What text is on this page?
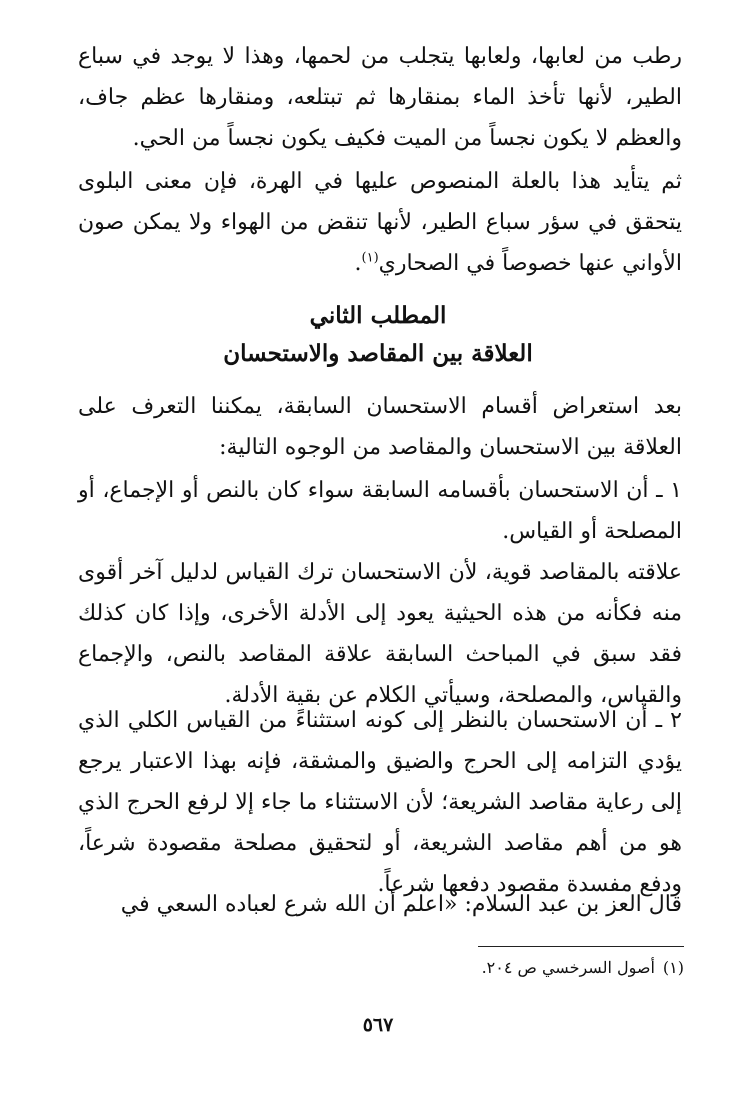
رطب من لعابها، ولعابها يتجلب من لحمها، وهذا لا يوجد في سباع الطير، لأنها تأخذ الماء بمنقارها ثم تبتلعه، ومنقارها عظم جاف، والعظم لا يكون نجساً من الميت فكيف يكون نجساً من الحي.

ثم يتأيد هذا بالعلة المنصوص عليها في الهرة، فإن معنى البلوى يتحقق في سؤر سباع الطير، لأنها تنقض من الهواء ولا يمكن صون الأواني عنها خصوصاً في الصحاري$^{(١)}$.

المطلب الثاني
العلاقة بين المقاصد والاستحسان

بعد استعراض أقسام الاستحسان السابقة، يمكننا التعرف على العلاقة بين الاستحسان والمقاصد من الوجوه التالية:

١ ـ أن الاستحسان بأقسامه السابقة سواء كان بالنص أو الإجماع، أو المصلحة أو القياس.

علاقته بالمقاصد قوية، لأن الاستحسان ترك القياس لدليل آخر أقوى منه فكأنه من هذه الحيثية يعود إلى الأدلة الأخرى، وإذا كان كذلك فقد سبق في المباحث السابقة علاقة المقاصد بالنص، والإجماع والقياس، والمصلحة، وسيأتي الكلام عن بقية الأدلة.

٢ ـ أن الاستحسان بالنظر إلى كونه استثناءً من القياس الكلي الذي يؤدي التزامه إلى الحرج والضيق والمشقة، فإنه بهذا الاعتبار يرجع إلى رعاية مقاصد الشريعة؛ لأن الاستثناء ما جاء إلا لرفع الحرج الذي هو من أهم مقاصد الشريعة، أو لتحقيق مصلحة مقصودة شرعاً، ودفع مفسدة مقصود دفعها شرعاً.

قال العز بن عبد السلام: «اعلم أن الله شرع لعباده السعي في

(١)أصول السرخسي ص ٢٠٤.

٥٦٧
